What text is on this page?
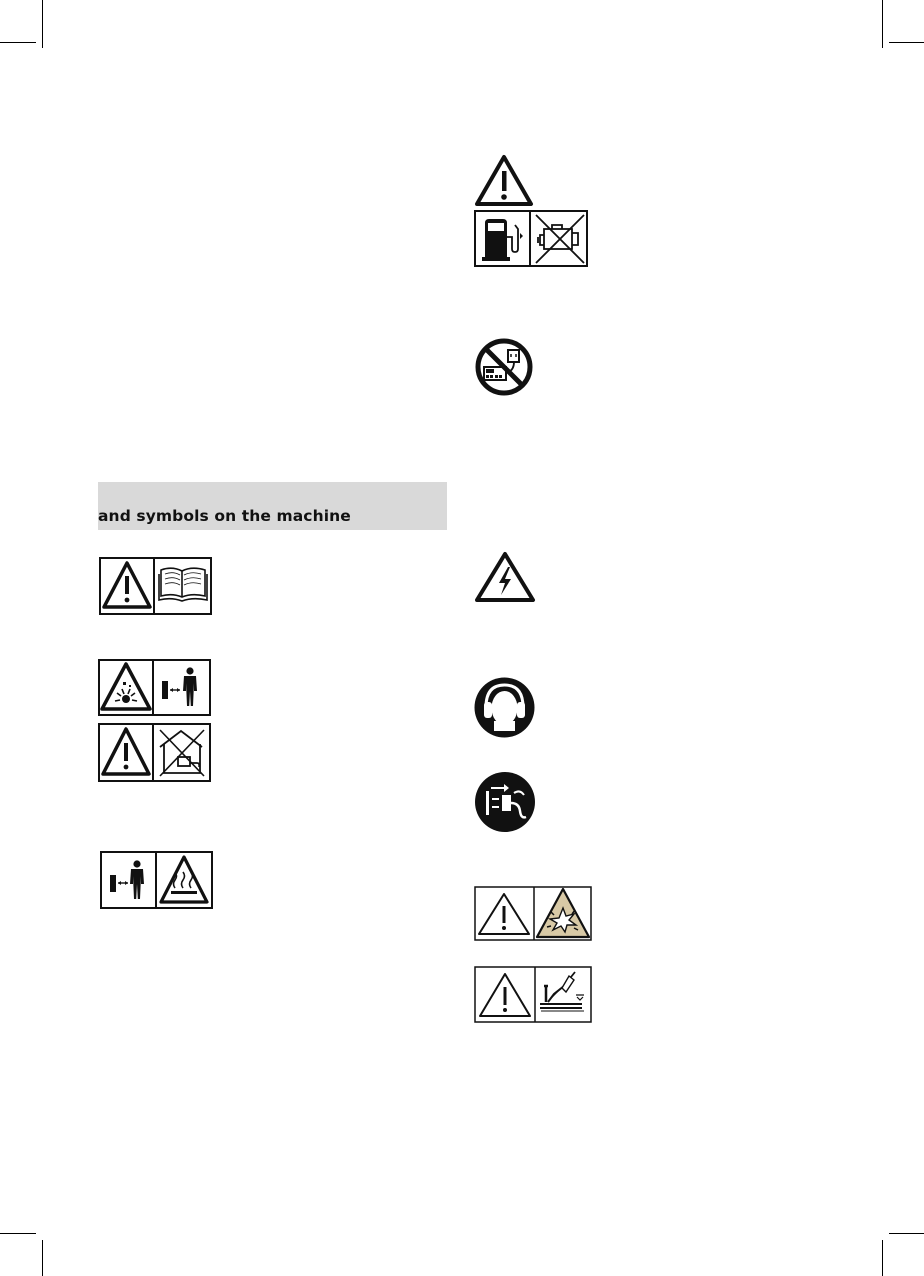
and symbols on the machine
